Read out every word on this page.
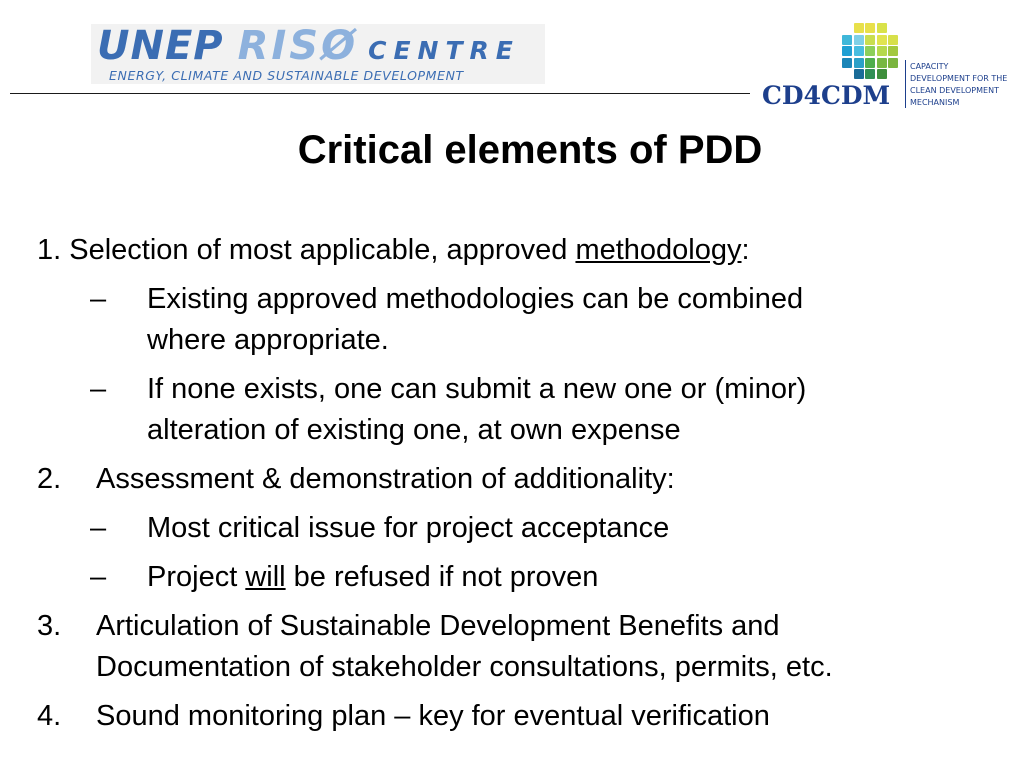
UNEP RISØ CENTRE
ENERGY, CLIMATE AND SUSTAINABLE DEVELOPMENT
CD4CDM
CAPACITY
DEVELOPMENT FOR THE
CLEAN DEVELOPMENT
MECHANISM
Critical elements of PDD
1. Selection of most applicable, approved methodology:
– Existing approved methodologies can be combined
where appropriate.
– If none exists, one can submit a new one or (minor)
alteration of existing one, at own expense
2. Assessment & demonstration of additionality:
– Most critical issue for project acceptance
– Project will be refused if not proven
3. Articulation of Sustainable Development Benefits and
Documentation of stakeholder consultations, permits, etc.
4. Sound monitoring plan – key for eventual verification
